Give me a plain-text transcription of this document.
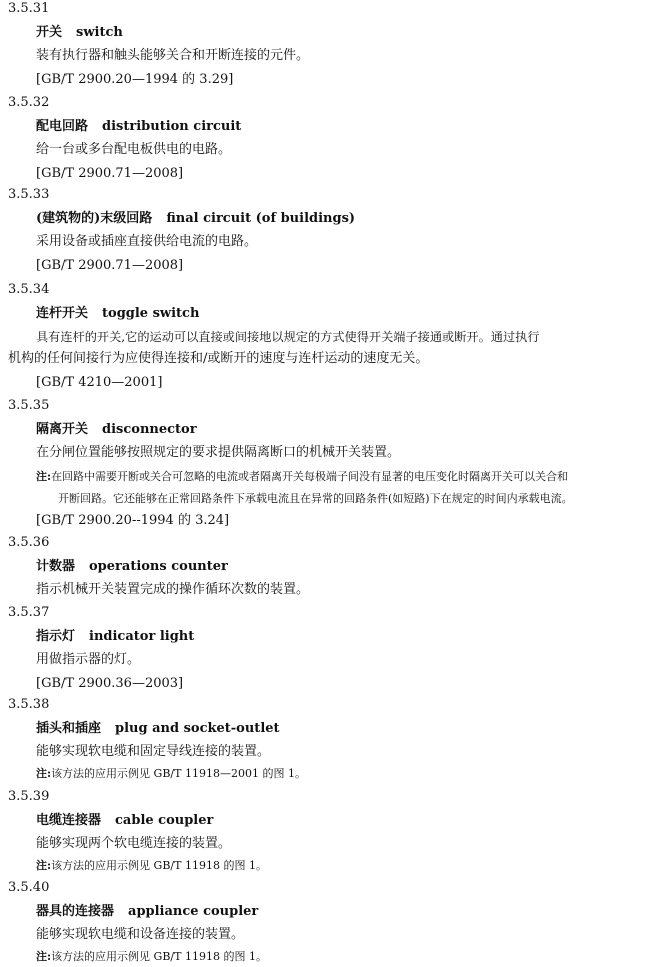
3.5.31
开关 switch
装有执行器和触头能够关合和开断连接的元件。
[GB/T 2900.20—1994 的 3.29]
3.5.32
配电回路 distribution circuit
给一台或多台配电板供电的电路。
[GB/T 2900.71—2008]
3.5.33
(建筑物的)末级回路 final circuit (of buildings)
采用设备或插座直接供给电流的电路。
[GB/T 2900.71—2008]
3.5.34
连杆开关 toggle switch
具有连杆的开关,它的运动可以直接或间接地以规定的方式使得开关端子接通或断开。通过执行
机构的任何间接行为应使得连接和/或断开的速度与连杆运动的速度无关。
[GB/T 4210—2001]
3.5.35
隔离开关 disconnector
在分闸位置能够按照规定的要求提供隔离断口的机械开关装置。
注:在回路中需要开断或关合可忽略的电流或者隔离开关每极端子间没有显著的电压变化时隔离开关可以关合和
开断回路。它还能够在正常回路条件下承载电流且在异常的回路条件(如短路)下在规定的时间内承载电流。
[GB/T 2900.20--1994 的 3.24]
3.5.36
计数器 operations counter
指示机械开关装置完成的操作循环次数的装置。
3.5.37
指示灯 indicator light
用做指示器的灯。
[GB/T 2900.36—2003]
3.5.38
插头和插座 plug and socket-outlet
能够实现软电缆和固定导线连接的装置。
注:该方法的应用示例见 GB/T 11918—2001 的图 1。
3.5.39
电缆连接器 cable coupler
能够实现两个软电缆连接的装置。
注:该方法的应用示例见 GB/T 11918 的图 1。
3.5.40
器具的连接器 appliance coupler
能够实现软电缆和设备连接的装置。
注:该方法的应用示例见 GB/T 11918 的图 1。
